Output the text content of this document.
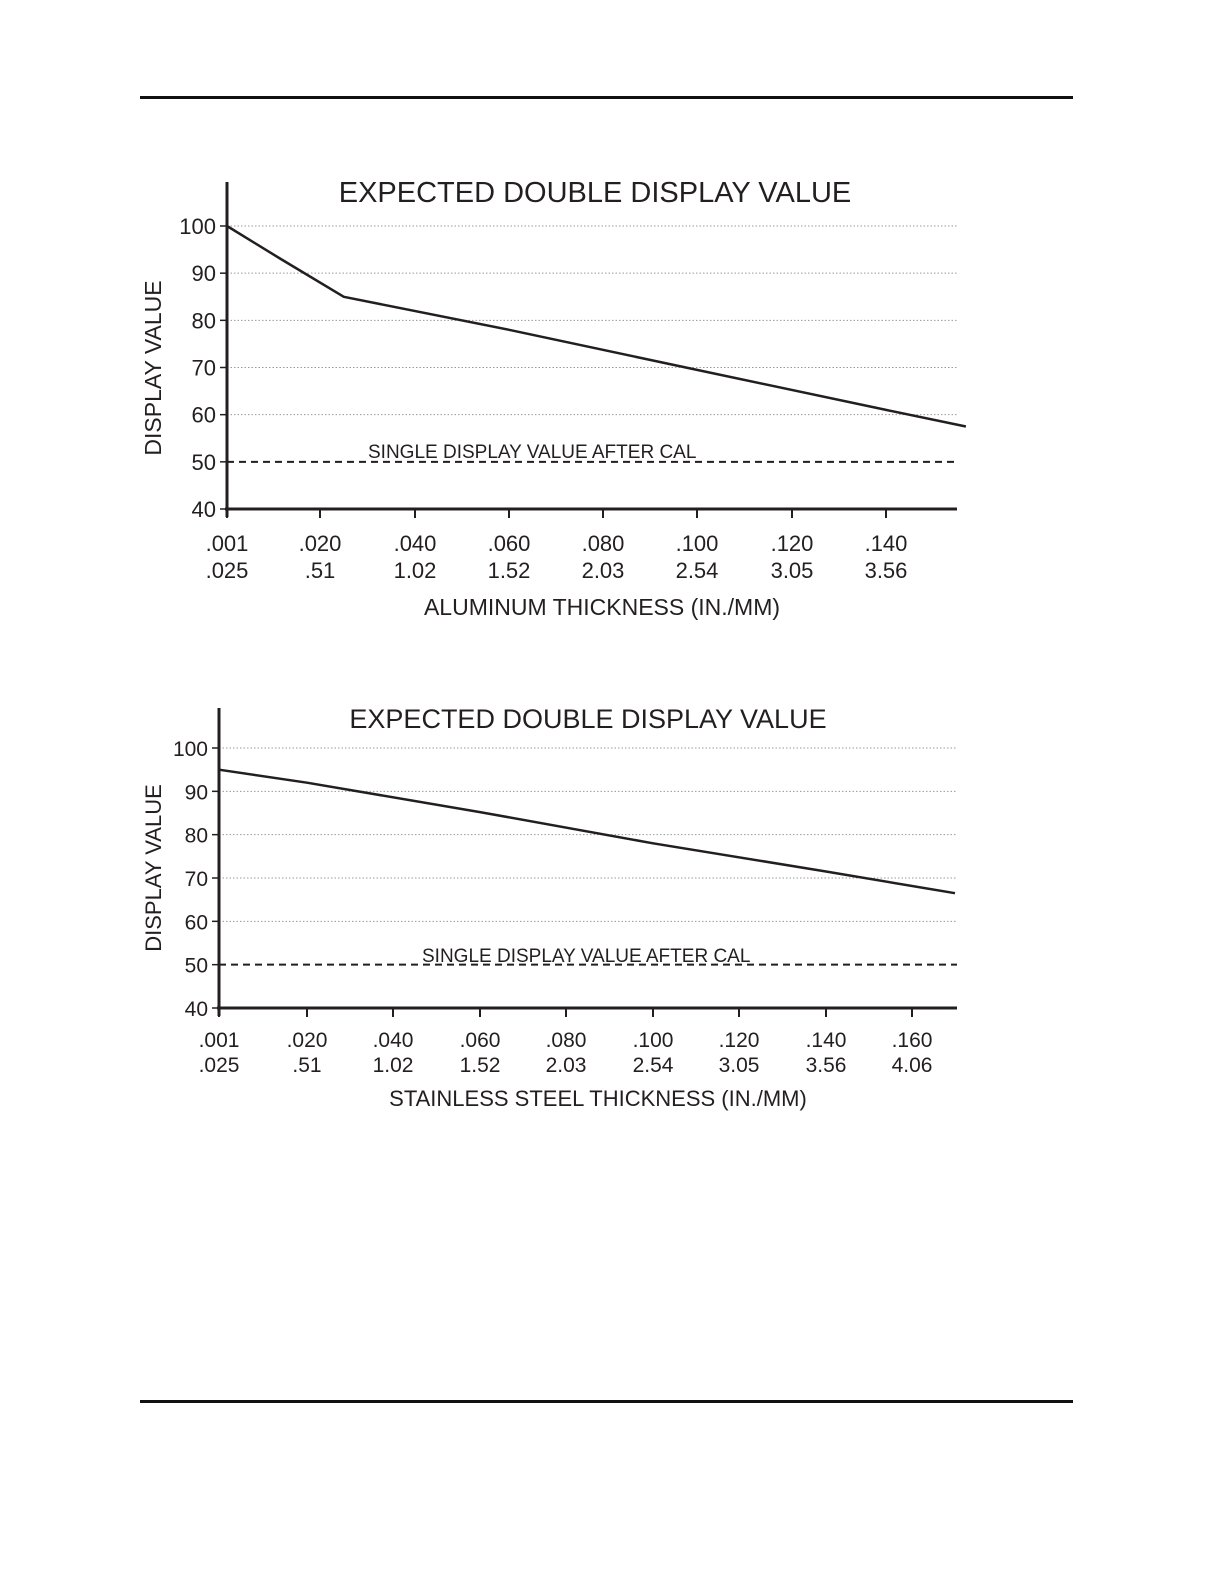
EXPECTED DOUBLE DISPLAY VALUE
40
50
60
70
80
90
100
DISPLAY VALUE
.001
.025
.020
.51
.040
1.02
.060
1.52
.080
2.03
.100
2.54
.120
3.05
.140
3.56
ALUMINUM THICKNESS (IN./MM)
SINGLE DISPLAY VALUE AFTER CAL
EXPECTED DOUBLE DISPLAY VALUE
40
50
60
70
80
90
100
DISPLAY VALUE
.001
.025
.020
.51
.040
1.02
.060
1.52
.080
2.03
.100
2.54
.120
3.05
.140
3.56
.160
4.06
STAINLESS STEEL THICKNESS (IN./MM)
SINGLE DISPLAY VALUE AFTER CAL
